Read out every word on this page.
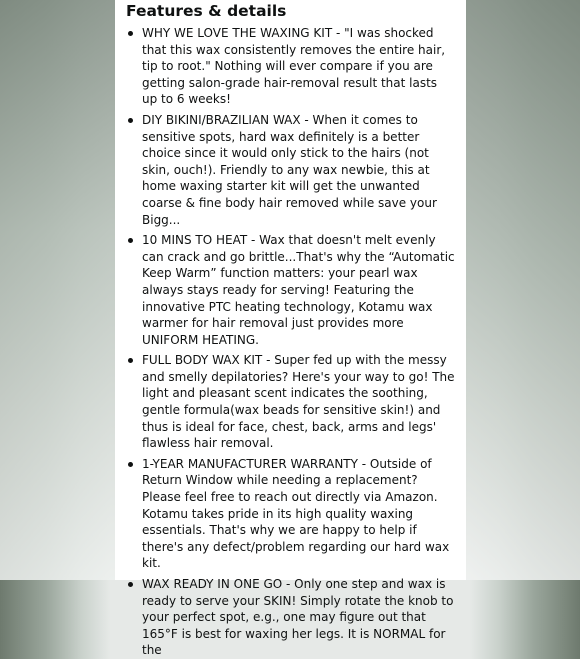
Features & details
WHY WE LOVE THE WAXING KIT - "I was shocked that this wax consistently removes the entire hair, tip to root." Nothing will ever compare if you are getting salon-grade hair-removal result that lasts up to 6 weeks!
DIY BIKINI/BRAZILIAN WAX - When it comes to sensitive spots, hard wax definitely is a better choice since it would only stick to the hairs (not skin, ouch!). Friendly to any wax newbie, this at home waxing starter kit will get the unwanted coarse & fine body hair removed while save your Bigg...
10 MINS TO HEAT - Wax that doesn't melt evenly can crack and go brittle...That's why the “Automatic Keep Warm” function matters: your pearl wax always stays ready for serving! Featuring the innovative PTC heating technology, Kotamu wax warmer for hair removal just provides more UNIFORM HEATING.
FULL BODY WAX KIT - Super fed up with the messy and smelly depilatories? Here's your way to go! The light and pleasant scent indicates the soothing, gentle formula(wax beads for sensitive skin!) and thus is ideal for face, chest, back, arms and legs' flawless hair removal.
1-YEAR MANUFACTURER WARRANTY - Outside of Return Window while needing a replacement? Please feel free to reach out directly via Amazon. Kotamu takes pride in its high quality waxing essentials. That's why we are happy to help if there's any defect/problem regarding our hard wax kit.
WAX READY IN ONE GO - Only one step and wax is ready to serve your SKIN! Simply rotate the knob to your perfect spot, e.g., one may figure out that 165°F is best for waxing her legs. It is NORMAL for the
